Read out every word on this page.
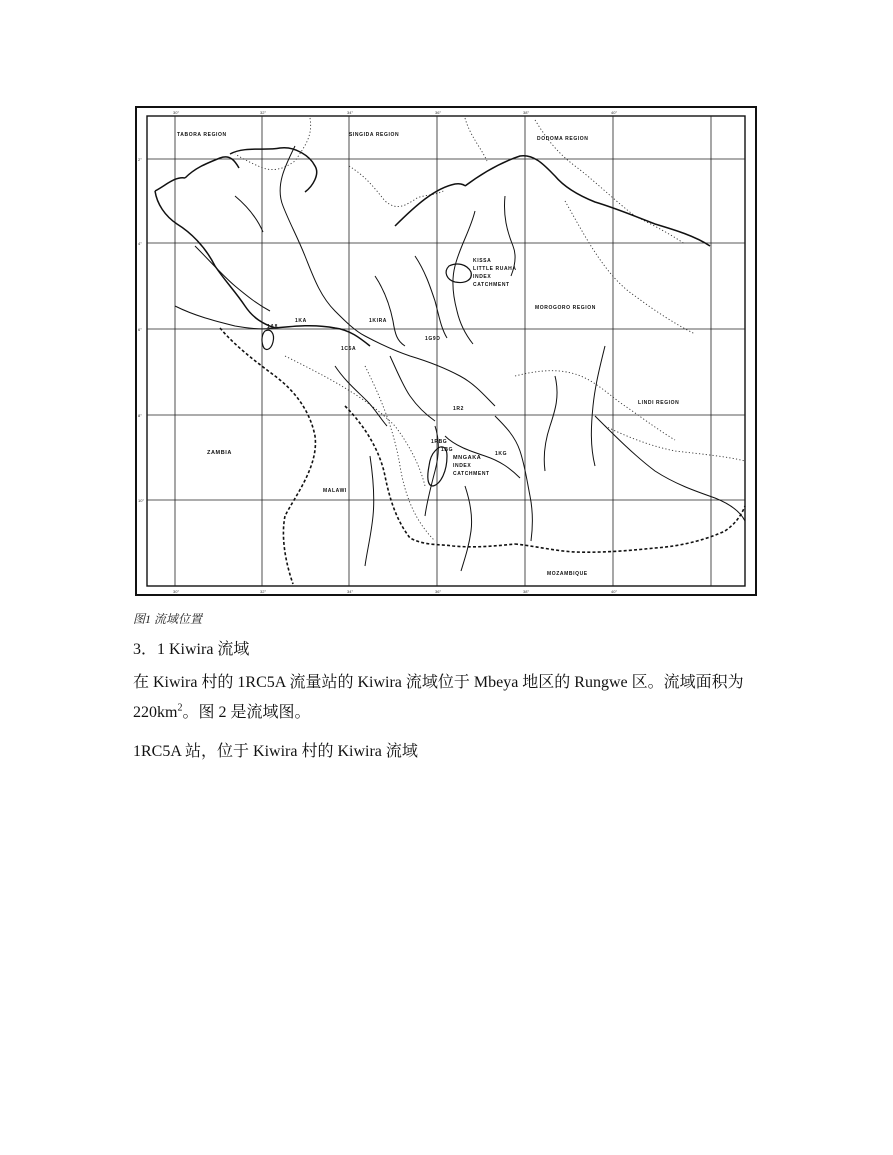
30°	32°	34°	36°	38°	40°
30°	32°	34°	36°	38°	40°
2°
4°
6°
8°
10°
TABORA REGION	SINGIDA REGION
DODOMA REGION
MOROGORO REGION
LINDI REGION
ZAMBIA
MALAWI
MOZAMBIQUE
KISSA
LITTLE RUAHA
INDEX
CATCHMENT
MNGAKA
INDEX
CATCHMENT
1A8
1KA
1C5A
1KIRA
1G9D
1R2
1RBG
1KG
1BG
图1 流域位置
3．1 Kiwira 流域
在 Kiwira 村的 1RC5A 流量站的 Kiwira 流域位于 Mbeya 地区的 Rungwe 区。流域面积为 $220km^2$。图 2 是流域图。
1RC5A 站，位于 Kiwira 村的 Kiwira 流域
